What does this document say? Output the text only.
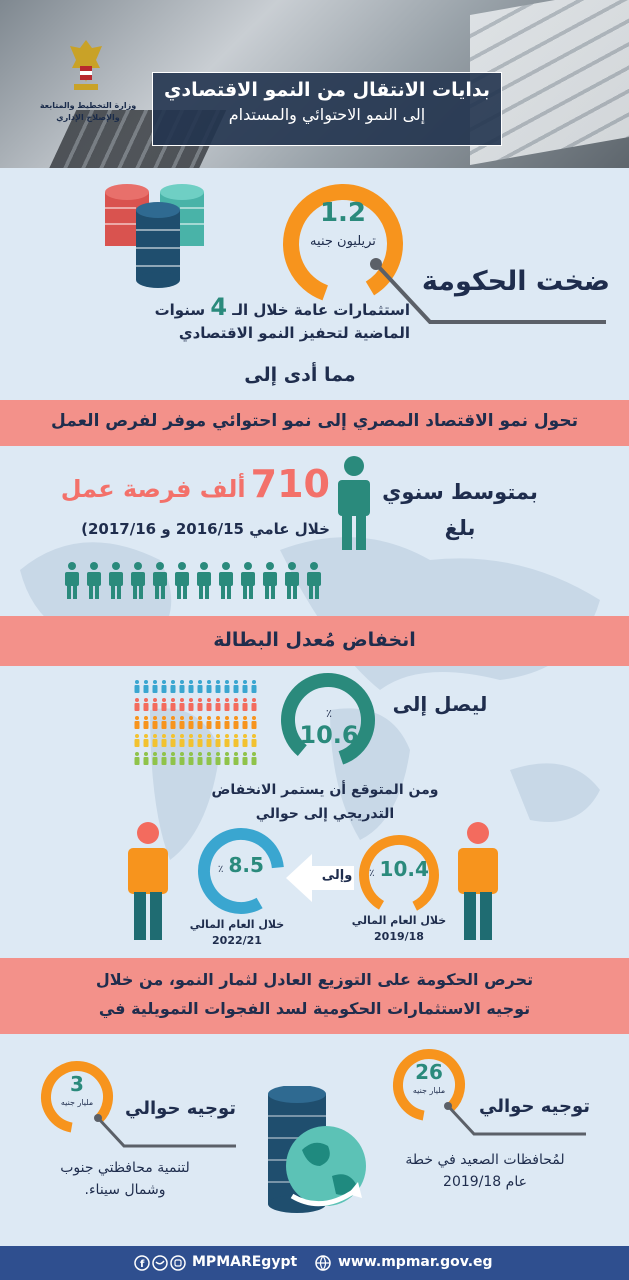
وزارة التخطيط والمتابعة والإصلاح الإداري
بدايات الانتقال من النمو الاقتصادي
إلى النمو الاحتوائي والمستدام
1.2
تريليون جنيه
ضخت الحكومة
استثمارات عامة خلال الـ 4 سنوات
الماضية لتحفيز النمو الاقتصادي
مما أدى إلى
تحول نمو الاقتصاد المصري إلى نمو احتوائي موفر لفرص العمل
بمتوسط سنوي
بلغ
710 ألف فرصة عمل
خلال عامي 2016/15 و 2017/16)
انخفاض مُعدل البطالة
٪ 10.6
ليصل إلى
ومن المتوقع أن يستمر الانخفاض
التدريجي إلى حوالي
٪ 10.4
خلال العام المالي
2019/18
وإلى
٪ 8.5
خلال العام المالي
2022/21
تحرص الحكومة على التوزيع العادل لثمار النمو، من خلال
توجيه الاستثمارات الحكومية لسد الفجوات التمويلية في
26
مليار جنيه
توجيه حوالي
لمُحافظات الصعيد في خطة
عام 2019/18
3
مليار جنيه	توجيه حوالي
لتنمية محافظتي جنوب
وشمال سيناء.
f	MPMAREgypt	www.mpmar.gov.eg
